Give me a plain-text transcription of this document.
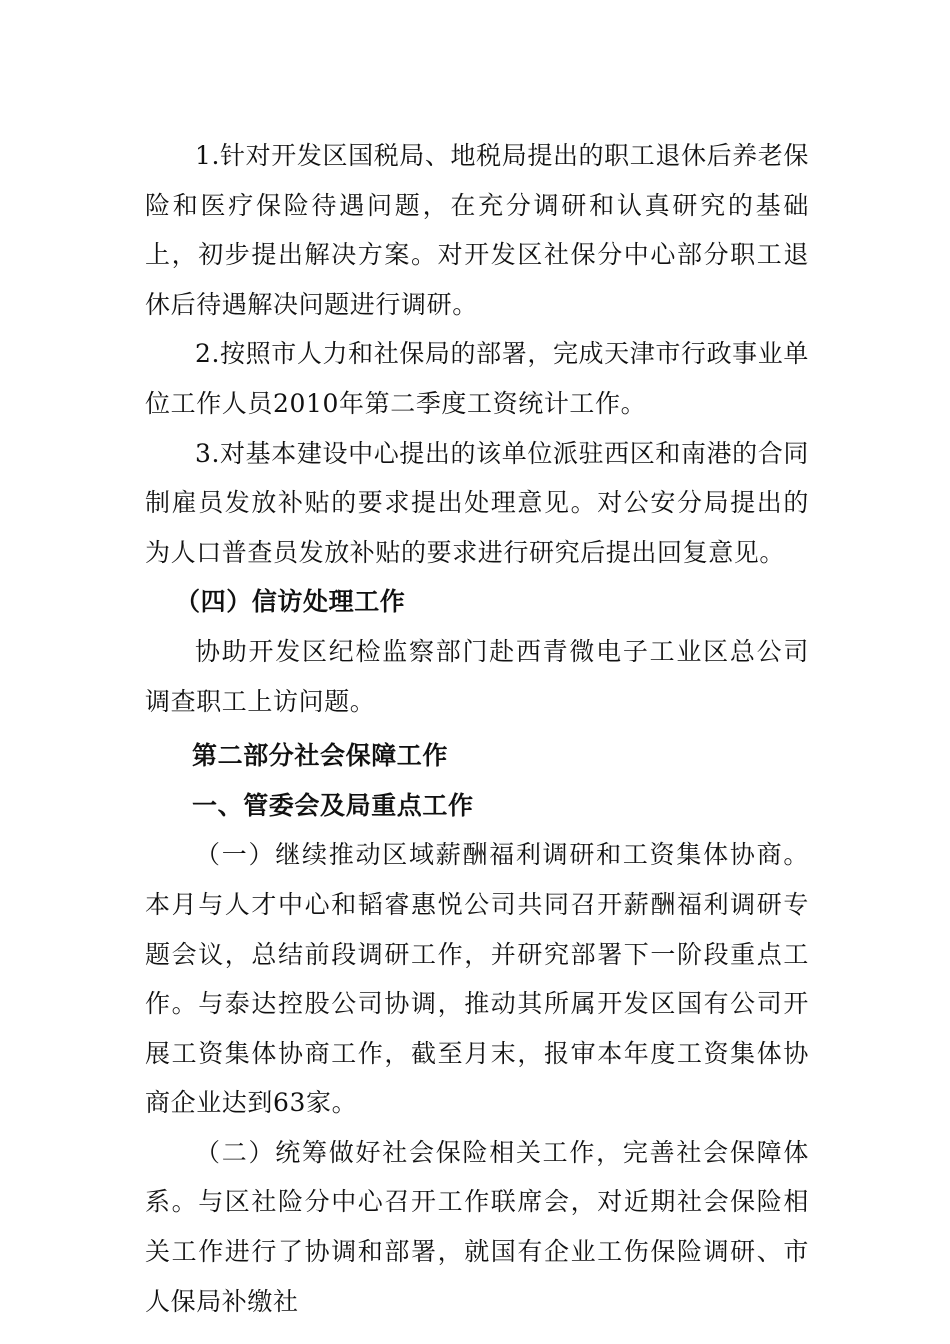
1.针对开发区国税局、地税局提出的职工退休后养老保险和医疗保险待遇问题，在充分调研和认真研究的基础上，初步提出解决方案。对开发区社保分中心部分职工退休后待遇解决问题进行调研。

2.按照市人力和社保局的部署，完成天津市行政事业单位工作人员2010年第二季度工资统计工作。

3.对基本建设中心提出的该单位派驻西区和南港的合同制雇员发放补贴的要求提出处理意见。对公安分局提出的为人口普查员发放补贴的要求进行研究后提出回复意见。

（四）信访处理工作

协助开发区纪检监察部门赴西青微电子工业区总公司调查职工上访问题。

第二部分社会保障工作

一、管委会及局重点工作

（一）继续推动区域薪酬福利调研和工资集体协商。本月与人才中心和韬睿惠悦公司共同召开薪酬福利调研专题会议，总结前段调研工作，并研究部署下一阶段重点工作。与泰达控股公司协调，推动其所属开发区国有公司开展工资集体协商工作，截至月末，报审本年度工资集体协商企业达到63家。

（二）统筹做好社会保险相关工作，完善社会保障体系。与区社险分中心召开工作联席会，对近期社会保险相关工作进行了协调和部署，就国有企业工伤保险调研、市人保局补缴社
